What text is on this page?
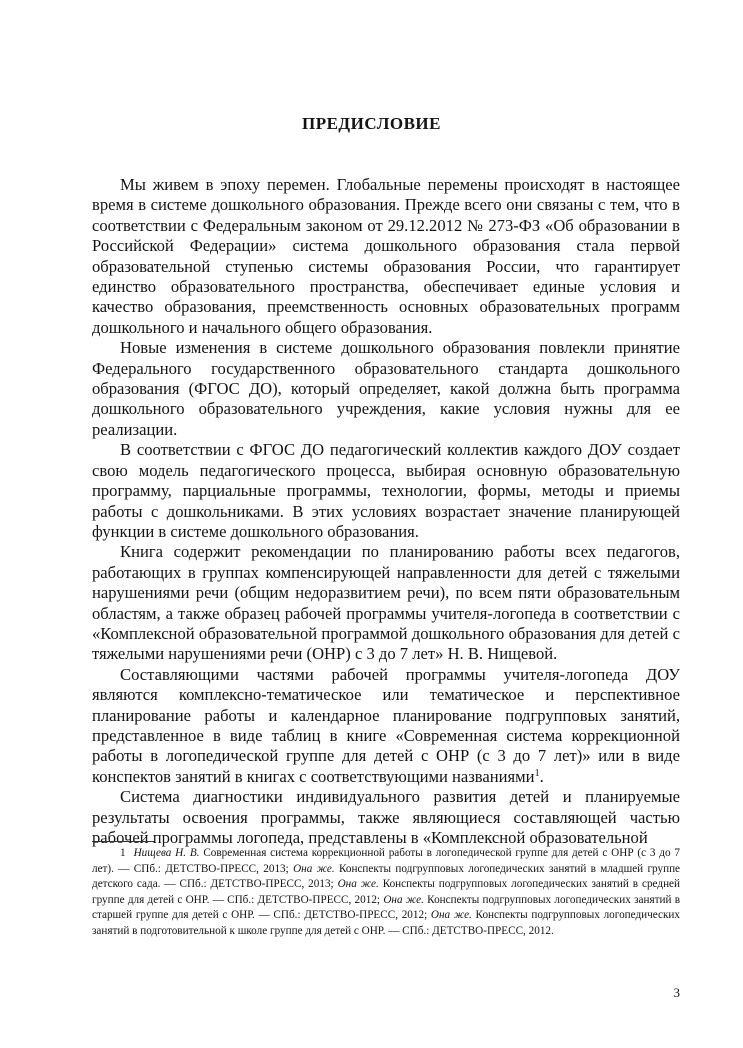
ПРЕДИСЛОВИЕ

Мы живем в эпоху перемен. Глобальные перемены происходят в настоящее время в системе дошкольного образования. Прежде всего они связаны с тем, что в соответствии с Федеральным законом от 29.12.2012 № 273-ФЗ «Об образовании в Российской Федерации» система дошкольного образования стала первой образовательной ступенью системы образования России, что гарантирует единство образовательного пространства, обеспечивает единые условия и качество образования, преемственность основных образовательных программ дошкольного и начального общего образования.

Новые изменения в системе дошкольного образования повлекли принятие Федерального государственного образовательного стандарта дошкольного образования (ФГОС ДО), который определяет, какой должна быть программа дошкольного образовательного учреждения, какие условия нужны для ее реализации.

В соответствии с ФГОС ДО педагогический коллектив каждого ДОУ создает свою модель педагогического процесса, выбирая основную образовательную программу, парциальные программы, технологии, формы, методы и приемы работы с дошкольниками. В этих условиях возрастает значение планирующей функции в системе дошкольного образования.

Книга содержит рекомендации по планированию работы всех педагогов, работающих в группах компенсирующей направленности для детей с тяжелыми нарушениями речи (общим недоразвитием речи), по всем пяти образовательным областям, а также образец рабочей программы учителя-логопеда в соответствии с «Комплексной образовательной программой дошкольного образования для детей с тяжелыми нарушениями речи (ОНР) с 3 до 7 лет» Н. В. Нищевой.

Составляющими частями рабочей программы учителя-логопеда ДОУ являются комплексно-тематическое или тематическое и перспективное планирование работы и календарное планирование подгрупповых занятий, представленное в виде таблиц в книге «Современная система коррекционной работы в логопедической группе для детей с ОНР (с 3 до 7 лет)» или в виде конспектов занятий в книгах с соответствующими названиями$^1$.

Система диагностики индивидуального развития детей и планируемые результаты освоения программы, также являющиеся составляющей частью рабочей программы логопеда, представлены в «Комплексной образовательной

1 Нищева Н. В. Современная система коррекционной работы в логопедической группе для детей с ОНР (с 3 до 7 лет). — СПб.: ДЕТСТВО-ПРЕСС, 2013; Она же. Конспекты подгрупповых логопедических занятий в младшей группе детского сада. — СПб.: ДЕТСТВО-ПРЕСС, 2013; Она же. Конспекты подгрупповых логопедических занятий в средней группе для детей с ОНР. — СПб.: ДЕТСТВО-ПРЕСС, 2012; Она же. Конспекты подгрупповых логопедических занятий в старшей группе для детей с ОНР. — СПб.: ДЕТСТВО-ПРЕСС, 2012; Она же. Конспекты подгрупповых логопедических занятий в подготовительной к школе группе для детей с ОНР. — СПб.: ДЕТСТВО-ПРЕСС, 2012.

3
